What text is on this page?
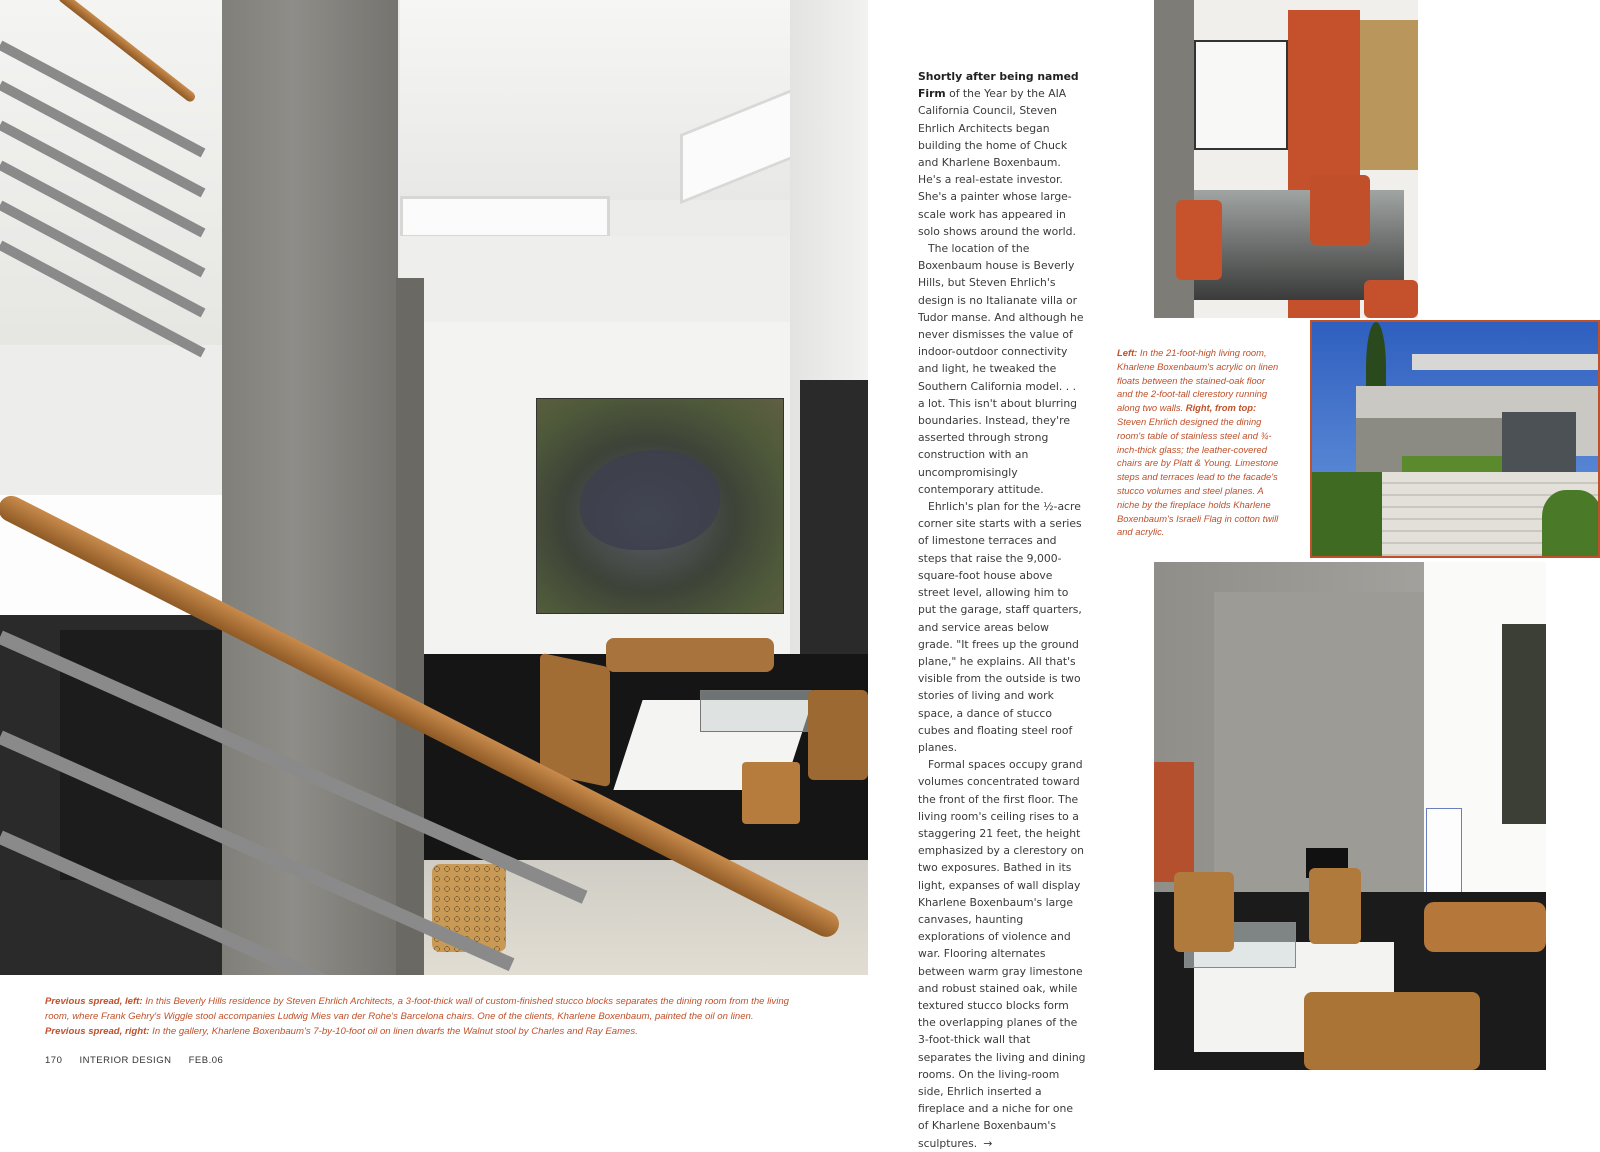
Previous spread, left: In this Beverly Hills residence by Steven Ehrlich Architects, a 3-foot-thick wall of custom-finished stucco blocks separates the dining room from the living room, where Frank Gehry's Wiggle stool accompanies Ludwig Mies van der Rohe's Barcelona chairs. One of the clients, Kharlene Boxenbaum, painted the oil on linen.
Previous spread, right: In the gallery, Kharlene Boxenbaum's 7-by-10-foot oil on linen dwarfs the Walnut stool by Charles and Ray Eames.
170 INTERIOR DESIGN FEB.06

Shortly after being named Firm of the Year by the AIA California Council, Steven Ehrlich Architects began building the home of Chuck and Kharlene Boxenbaum. He's a real-estate investor. She's a painter whose large-scale work has appeared in solo shows around the world.

The location of the Boxenbaum house is Beverly Hills, but Steven Ehrlich's design is no Italianate villa or Tudor manse. And although he never dismisses the value of indoor-outdoor connectivity and light, he tweaked the Southern California model. . . a lot. This isn't about blurring boundaries. Instead, they're asserted through strong construction with an uncompromisingly contemporary attitude.

Ehrlich's plan for the ½-acre corner site starts with a series of limestone terraces and steps that raise the 9,000-square-foot house above street level, allowing him to put the garage, staff quarters, and service areas below grade. "It frees up the ground plane," he explains. All that's visible from the outside is two stories of living and work space, a dance of stucco cubes and floating steel roof planes.

Formal spaces occupy grand volumes concentrated toward the front of the first floor. The living room's ceiling rises to a staggering 21 feet, the height emphasized by a clerestory on two exposures. Bathed in its light, expanses of wall display Kharlene Boxenbaum's large canvases, haunting explorations of violence and war. Flooring alternates between warm gray limestone and robust stained oak, while textured stucco blocks form the overlapping planes of the 3-foot-thick wall that separates the living and dining rooms. On the living-room side, Ehrlich inserted a fireplace and a niche for one of Kharlene Boxenbaum's sculptures. →

Left: In the 21-foot-high living room, Kharlene Boxenbaum's acrylic on linen floats between the stained-oak floor and the 2-foot-tall clerestory running along two walls. Right, from top: Steven Ehrlich designed the dining room's table of stainless steel and ¾-inch-thick glass; the leather-covered chairs are by Platt & Young. Limestone steps and terraces lead to the facade's stucco volumes and steel planes. A niche by the fireplace holds Kharlene Boxenbaum's Israeli Flag in cotton twill and acrylic.
